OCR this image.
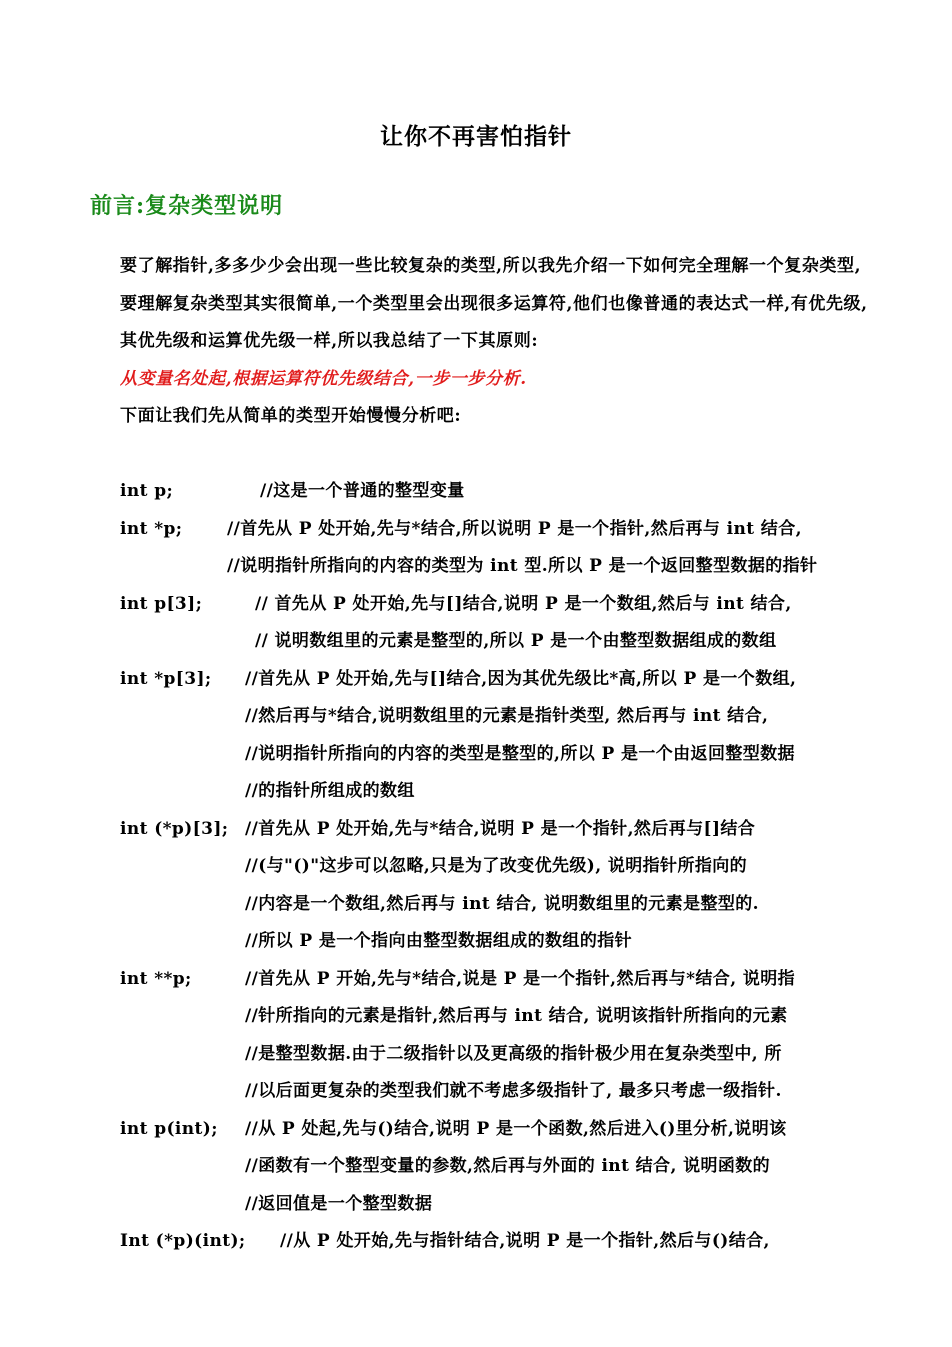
让你不再害怕指针
前言:复杂类型说明

要了解指针,多多少少会出现一些比较复杂的类型,所以我先介绍一下如何完全理解一个复杂类型,要理解复杂类型其实很简单,一个类型里会出现很多运算符,他们也像普通的表达式一样,有优先级,其优先级和运算优先级一样,所以我总结了一下其原则:

从变量名处起,根据运算符优先级结合,一步一步分析.

下面让我们先从简单的类型开始慢慢分析吧:

int p;	//这是一个普通的整型变量
int *p;	//首先从 P 处开始,先与*结合,所以说明 P 是一个指针,然后再与 int 结合,
//说明指针所指向的内容的类型为 int 型.所以 P 是一个返回整型数据的指针
int p[3];	// 首先从 P 处开始,先与[]结合,说明 P 是一个数组,然后与 int 结合,
// 说明数组里的元素是整型的,所以 P 是一个由整型数据组成的数组
int *p[3]; //首先从 P 处开始,先与[]结合,因为其优先级比*高,所以 P 是一个数组,
//然后再与*结合,说明数组里的元素是指针类型, 然后再与 int 结合,
//说明指针所指向的内容的类型是整型的,所以 P 是一个由返回整型数据
//的指针所组成的数组
int (*p)[3]; //首先从 P 处开始,先与*结合,说明 P 是一个指针,然后再与[]结合
//(与"()"这步可以忽略,只是为了改变优先级), 说明指针所指向的
//内容是一个数组,然后再与 int 结合, 说明数组里的元素是整型的.
//所以 P 是一个指向由整型数据组成的数组的指针
int **p;	//首先从 P 开始,先与*结合,说是 P 是一个指针,然后再与*结合, 说明指
//针所指向的元素是指针,然后再与 int 结合, 说明该指针所指向的元素
//是整型数据.由于二级指针以及更高级的指针极少用在复杂类型中, 所
//以后面更复杂的类型我们就不考虑多级指针了, 最多只考虑一级指针.
int p(int); //从 P 处起,先与()结合,说明 P 是一个函数,然后进入()里分析,说明该
//函数有一个整型变量的参数,然后再与外面的 int 结合, 说明函数的
//返回值是一个整型数据
Int (*p)(int); //从 P 处开始,先与指针结合,说明 P 是一个指针,然后与()结合,
